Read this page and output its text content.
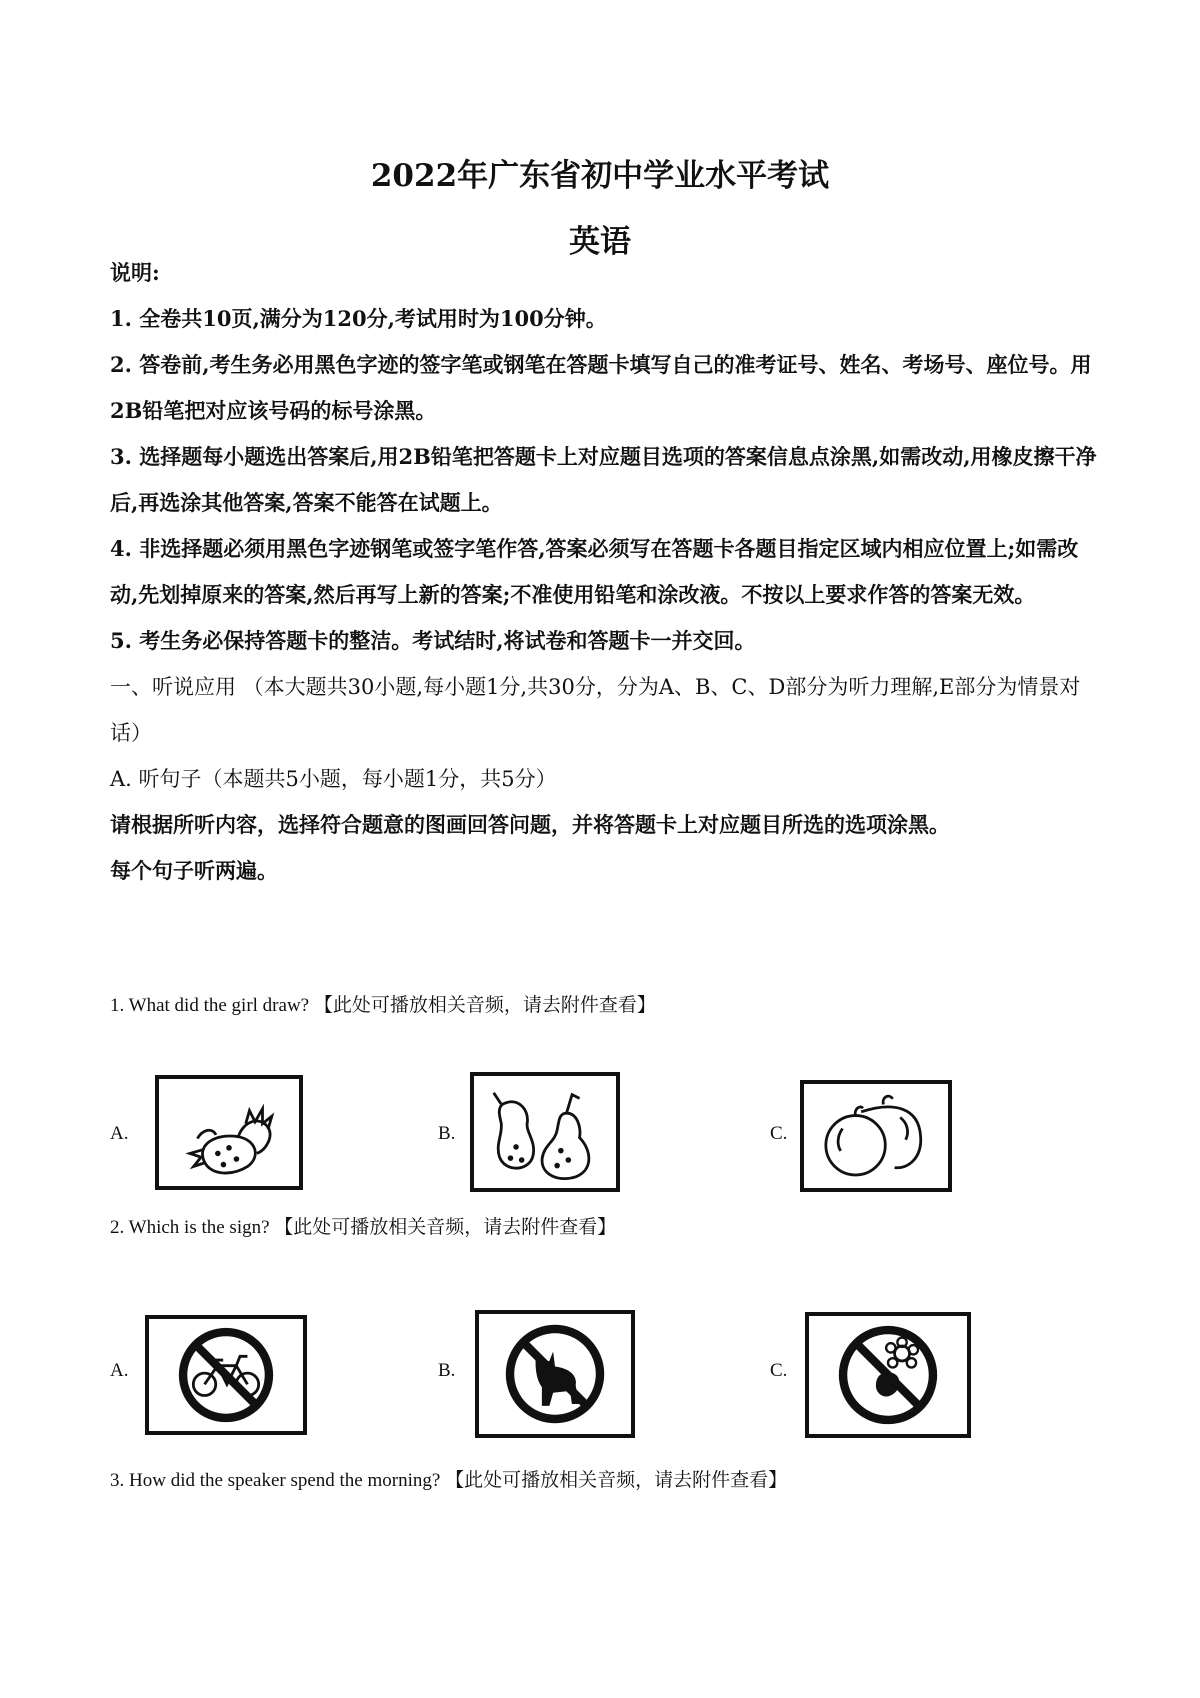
2022年广东省初中学业水平考试
英语

说明:

1. 全卷共10页,满分为120分,考试用时为100分钟。

2. 答卷前,考生务必用黑色字迹的签字笔或钢笔在答题卡填写自己的准考证号、姓名、考场号、座位号。用2B铅笔把对应该号码的标号涂黑。

3. 选择题每小题选出答案后,用2B铅笔把答题卡上对应题目选项的答案信息点涂黑,如需改动,用橡皮擦干净后,再选涂其他答案,答案不能答在试题上。

4. 非选择题必须用黑色字迹钢笔或签字笔作答,答案必须写在答题卡各题目指定区域内相应位置上;如需改动,先划掉原来的答案,然后再写上新的答案;不准使用铅笔和涂改液。不按以上要求作答的答案无效。

5. 考生务必保持答题卡的整洁。考试结时,将试卷和答题卡一并交回。

一、听说应用 （本大题共30小题,每小题1分,共30分，分为A、B、C、D部分为听力理解,E部分为情景对话）

A. 听句子（本题共5小题，每小题1分，共5分）

请根据所听内容，选择符合题意的图画回答问题，并将答题卡上对应题目所选的选项涂黑。

每个句子听两遍。

1. What did the girl draw? 【此处可播放相关音频，请去附件查看】
A.	B.	C.
2. Which is the sign? 【此处可播放相关音频，请去附件查看】
A.	B.	C.
3. How did the speaker spend the morning? 【此处可播放相关音频，请去附件查看】
